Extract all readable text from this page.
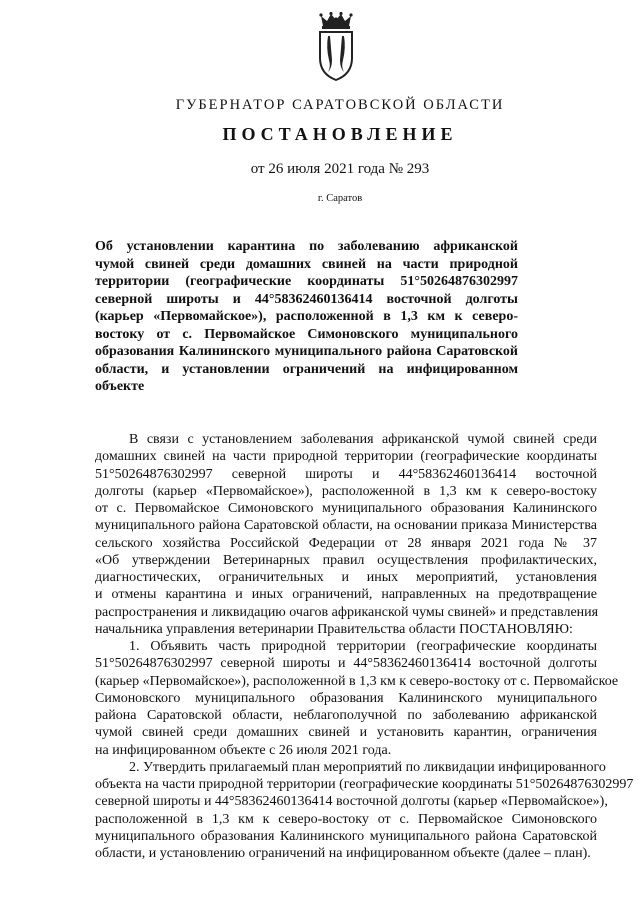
ГУБЕРНАТОР САРАТОВСКОЙ ОБЛАСТИ
ПОСТАНОВЛЕНИЕ
от 26 июля 2021 года № 293
г. Саратов
Об установлении карантина по заболеванию африканской
чумой свиней среди домашних свиней на части природной
территории (географические координаты 51°50264876302997
северной широты и 44°58362460136414 восточной долготы
(карьер «Первомайское»), расположенной в 1,3 км к северо-
востоку от с. Первомайское Симоновского муниципального
образования Калининского муниципального района Саратовской
области, и установлении ограничений на инфицированном
объекте
В связи с установлением заболевания африканской чумой свиней среди
домашних свиней на части природной территории (географические координаты
51°50264876302997 северной широты и 44°58362460136414 восточной
долготы (карьер «Первомайское»), расположенной в 1,3 км к северо-востоку
от с. Первомайское Симоновского муниципального образования Калининского
муниципального района Саратовской области, на основании приказа Министерства
сельского хозяйства Российской Федерации от 28 января 2021 года № 37
«Об утверждении Ветеринарных правил осуществления профилактических,
диагностических, ограничительных и иных мероприятий, установления
и отмены карантина и иных ограничений, направленных на предотвращение
распространения и ликвидацию очагов африканской чумы свиней» и представления
начальника управления ветеринарии Правительства области ПОСТАНОВЛЯЮ:
1. Объявить часть природной территории (географические координаты
51°50264876302997 северной широты и 44°58362460136414 восточной долготы
(карьер «Первомайское»), расположенной в 1,3 км к северо-востоку от с. Первомайское
Симоновского муниципального образования Калининского муниципального
района Саратовской области, неблагополучной по заболеванию африканской
чумой свиней среди домашних свиней и установить карантин, ограничения
на инфицированном объекте с 26 июля 2021 года.
2. Утвердить прилагаемый план мероприятий по ликвидации инфицированного
объекта на части природной территории (географические координаты 51°50264876302997
северной широты и 44°58362460136414 восточной долготы (карьер «Первомайское»),
расположенной в 1,3 км к северо-востоку от с. Первомайское Симоновского
муниципального образования Калининского муниципального района Саратовской
области, и установлению ограничений на инфицированном объекте (далее – план).
